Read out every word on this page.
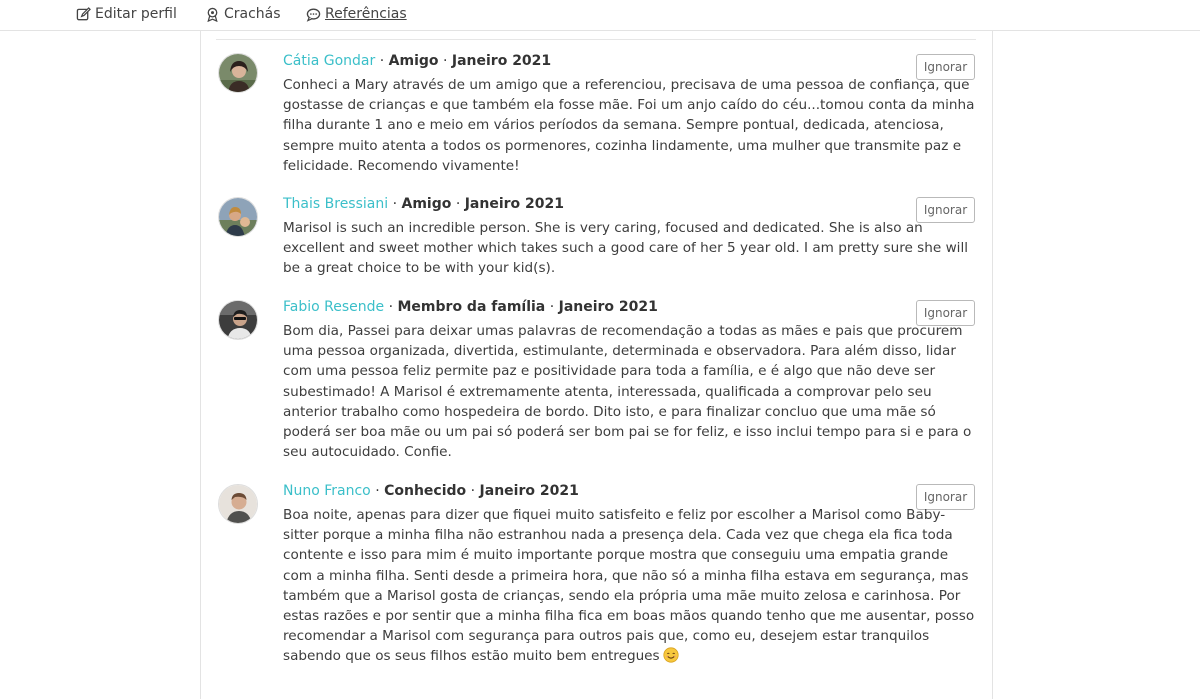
Editar perfil	Crachás	Referências
Cátia Gondar · Amigo · Janeiro 2021	Ignorar

Conheci a Mary através de um amigo que a referenciou, precisava de uma pessoa de confiança, que gostasse de crianças e que também ela fosse mãe. Foi um anjo caído do céu...tomou conta da minha filha durante 1 ano e meio em vários períodos da semana. Sempre pontual, dedicada, atenciosa, sempre muito atenta a todos os pormenores, cozinha lindamente, uma mulher que transmite paz e felicidade. Recomendo vivamente!

Thais Bressiani · Amigo · Janeiro 2021	Ignorar

Marisol is such an incredible person. She is very caring, focused and dedicated. She is also an excellent and sweet mother which takes such a good care of her 5 year old. I am pretty sure she will be a great choice to be with your kid(s).

Fabio Resende · Membro da família · Janeiro 2021	Ignorar

Bom dia, Passei para deixar umas palavras de recomendação a todas as mães e pais que procurem uma pessoa organizada, divertida, estimulante, determinada e observadora. Para além disso, lidar com uma pessoa feliz permite paz e positividade para toda a família, e é algo que não deve ser subestimado! A Marisol é extremamente atenta, interessada, qualificada a comprovar pelo seu anterior trabalho como hospedeira de bordo. Dito isto, e para finalizar concluo que uma mãe só poderá ser boa mãe ou um pai só poderá ser bom pai se for feliz, e isso inclui tempo para si e para o seu autocuidado. Confie.

Nuno Franco · Conhecido · Janeiro 2021	Ignorar

Boa noite, apenas para dizer que fiquei muito satisfeito e feliz por escolher a Marisol como Baby-sitter porque a minha filha não estranhou nada a presença dela. Cada vez que chega ela fica toda contente e isso para mim é muito importante porque mostra que conseguiu uma empatia grande com a minha filha. Senti desde a primeira hora, que não só a minha filha estava em segurança, mas também que a Marisol gosta de crianças, sendo ela própria uma mãe muito zelosa e carinhosa. Por estas razões e por sentir que a minha filha fica em boas mãos quando tenho que me ausentar, posso recomendar a Marisol com segurança para outros pais que, como eu, desejem estar tranquilos sabendo que os seus filhos estão muito bem entregues
